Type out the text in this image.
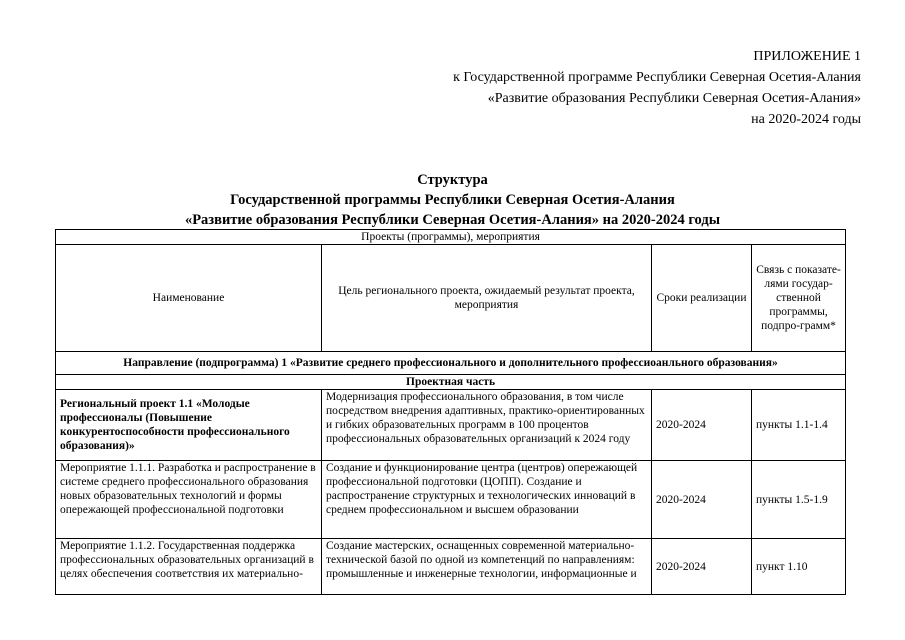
ПРИЛОЖЕНИЕ 1
к Государственной программе Республики Северная Осетия-Алания
«Развитие образования Республики Северная Осетия-Алания»
на 2020-2024 годы
Структура
Государственной программы Республики Северная Осетия-Алания
«Развитие образования Республики Северная Осетия-Алания» на 2020-2024 годы
Проекты (программы), мероприятия			
Наименование	Цель регионального проекта, ожидаемый результат проекта, мероприятия	Сроки реализации	Связь с показате-лями государ-ственной программы, подпро-грамм*
Направление (подпрограмма) 1 «Развитие среднего профессионального и дополнительного профессиоанльного образования»			
Проектная часть			
Региональный проект 1.1 «Молодые профессионалы (Повышение конкурентоспособности профессионального образования)»	Модернизация профессионального образования, в том числе посредством внедрения адаптивных, практико-ориентированных и гибких образовательных программ в 100 процентов профессиональных образовательных организаций к 2024 году	2020-2024	пункты 1.1-1.4
Мероприятие 1.1.1. Разработка и распространение в системе среднего профессионального образования новых образовательных технологий и формы опережающей профессиональной подготовки	Создание и функционирование центра (центров) опережающей профессиональной подготовки (ЦОПП). Создание и распространение структурных и технологических инноваций в среднем профессиональном и высшем образовании	2020-2024	пункты 1.5-1.9
Мероприятие 1.1.2. Государственная поддержка профессиональных образовательных организаций в целях обеспечения соответствия их материально-	Создание мастерских, оснащенных современной материально-технической базой по одной из компетенций по направлениям: промышленные и инженерные технологии, информационные и	2020-2024	пункт 1.10
